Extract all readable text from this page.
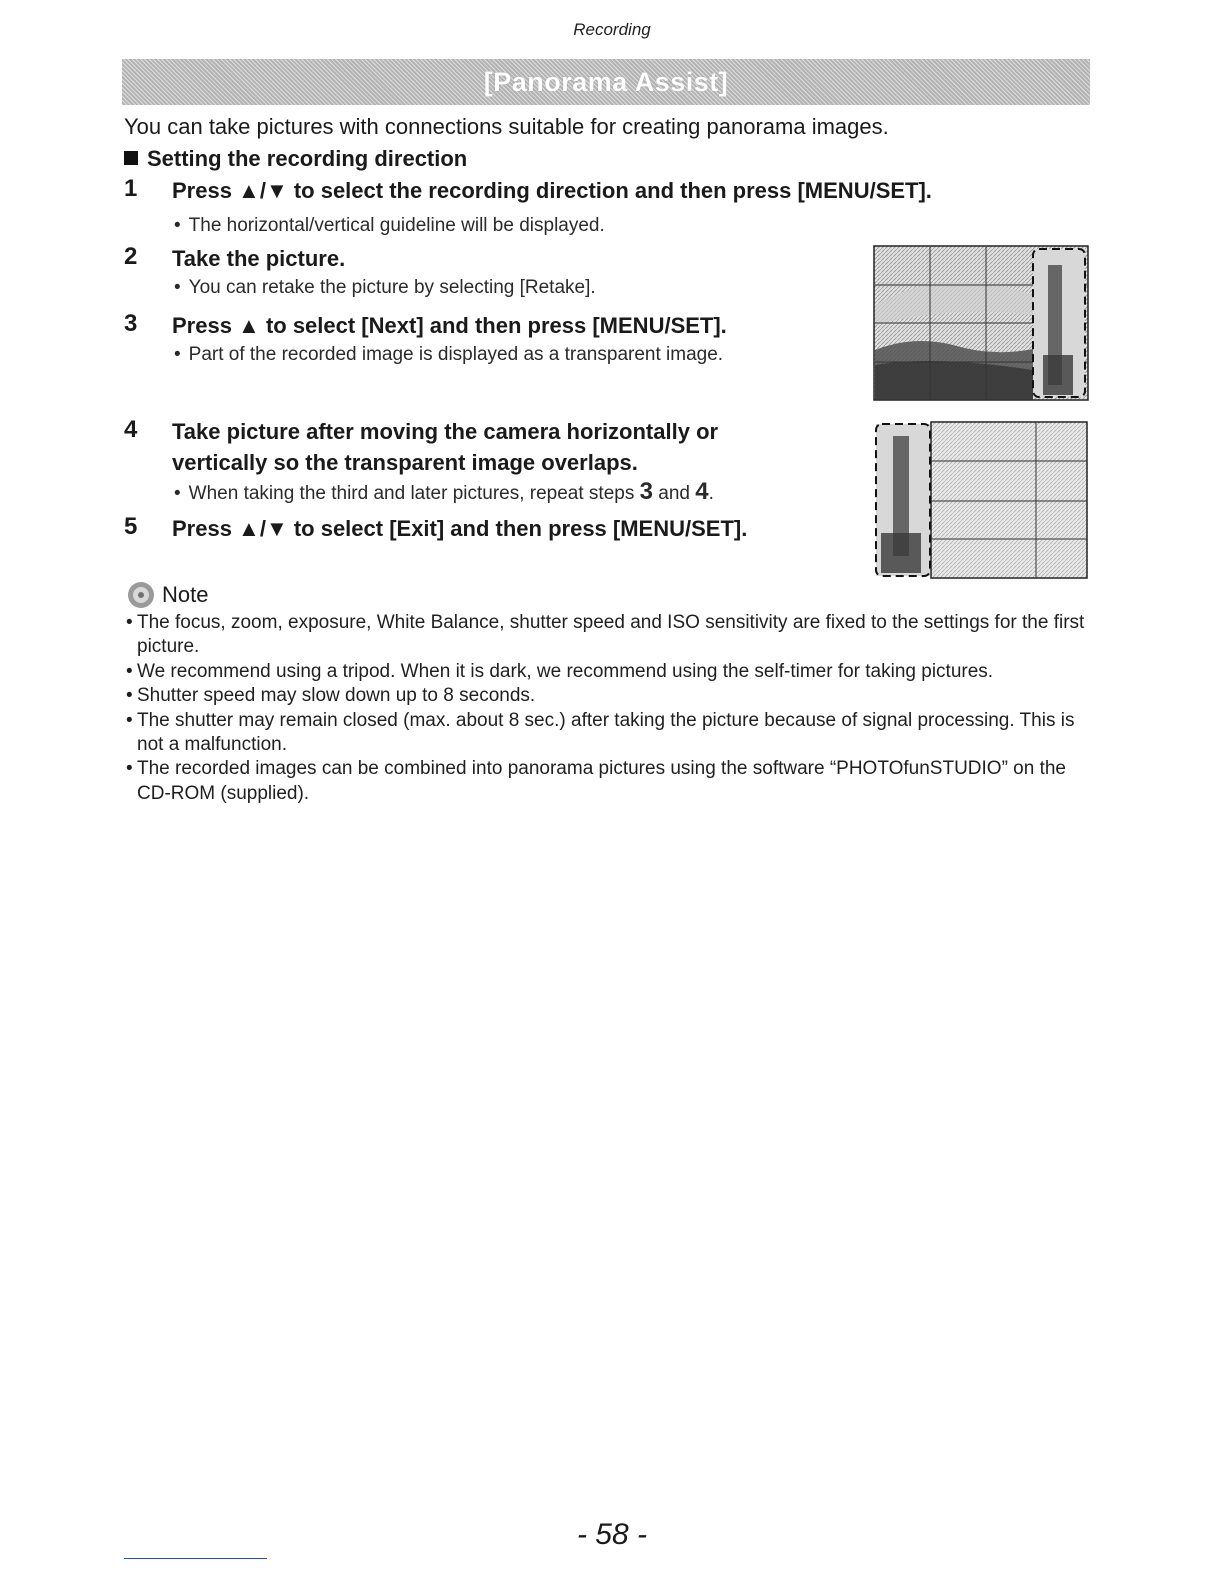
Recording
[Panorama Assist]
You can take pictures with connections suitable for creating panorama images.
Setting the recording direction
1 Press ▲/▼ to select the recording direction and then press [MENU/SET].
• The horizontal/vertical guideline will be displayed.
2 Take the picture.
• You can retake the picture by selecting [Retake].
3 Press ▲ to select [Next] and then press [MENU/SET].
• Part of the recorded image is displayed as a transparent image.
4 Take picture after moving the camera horizontally or
vertically so the transparent image overlaps.
• When taking the third and later pictures, repeat steps 3 and 4.
5 Press ▲/▼ to select [Exit] and then press [MENU/SET].
Note
• The focus, zoom, exposure, White Balance, shutter speed and ISO sensitivity are fixed to the settings for the first picture.
• We recommend using a tripod. When it is dark, we recommend using the self-timer for taking pictures.
• Shutter speed may slow down up to 8 seconds.
• The shutter may remain closed (max. about 8 sec.) after taking the picture because of signal processing. This is not a malfunction.
• The recorded images can be combined into panorama pictures using the software “PHOTOfunSTUDIO” on the CD-ROM (supplied).
- 58 -
